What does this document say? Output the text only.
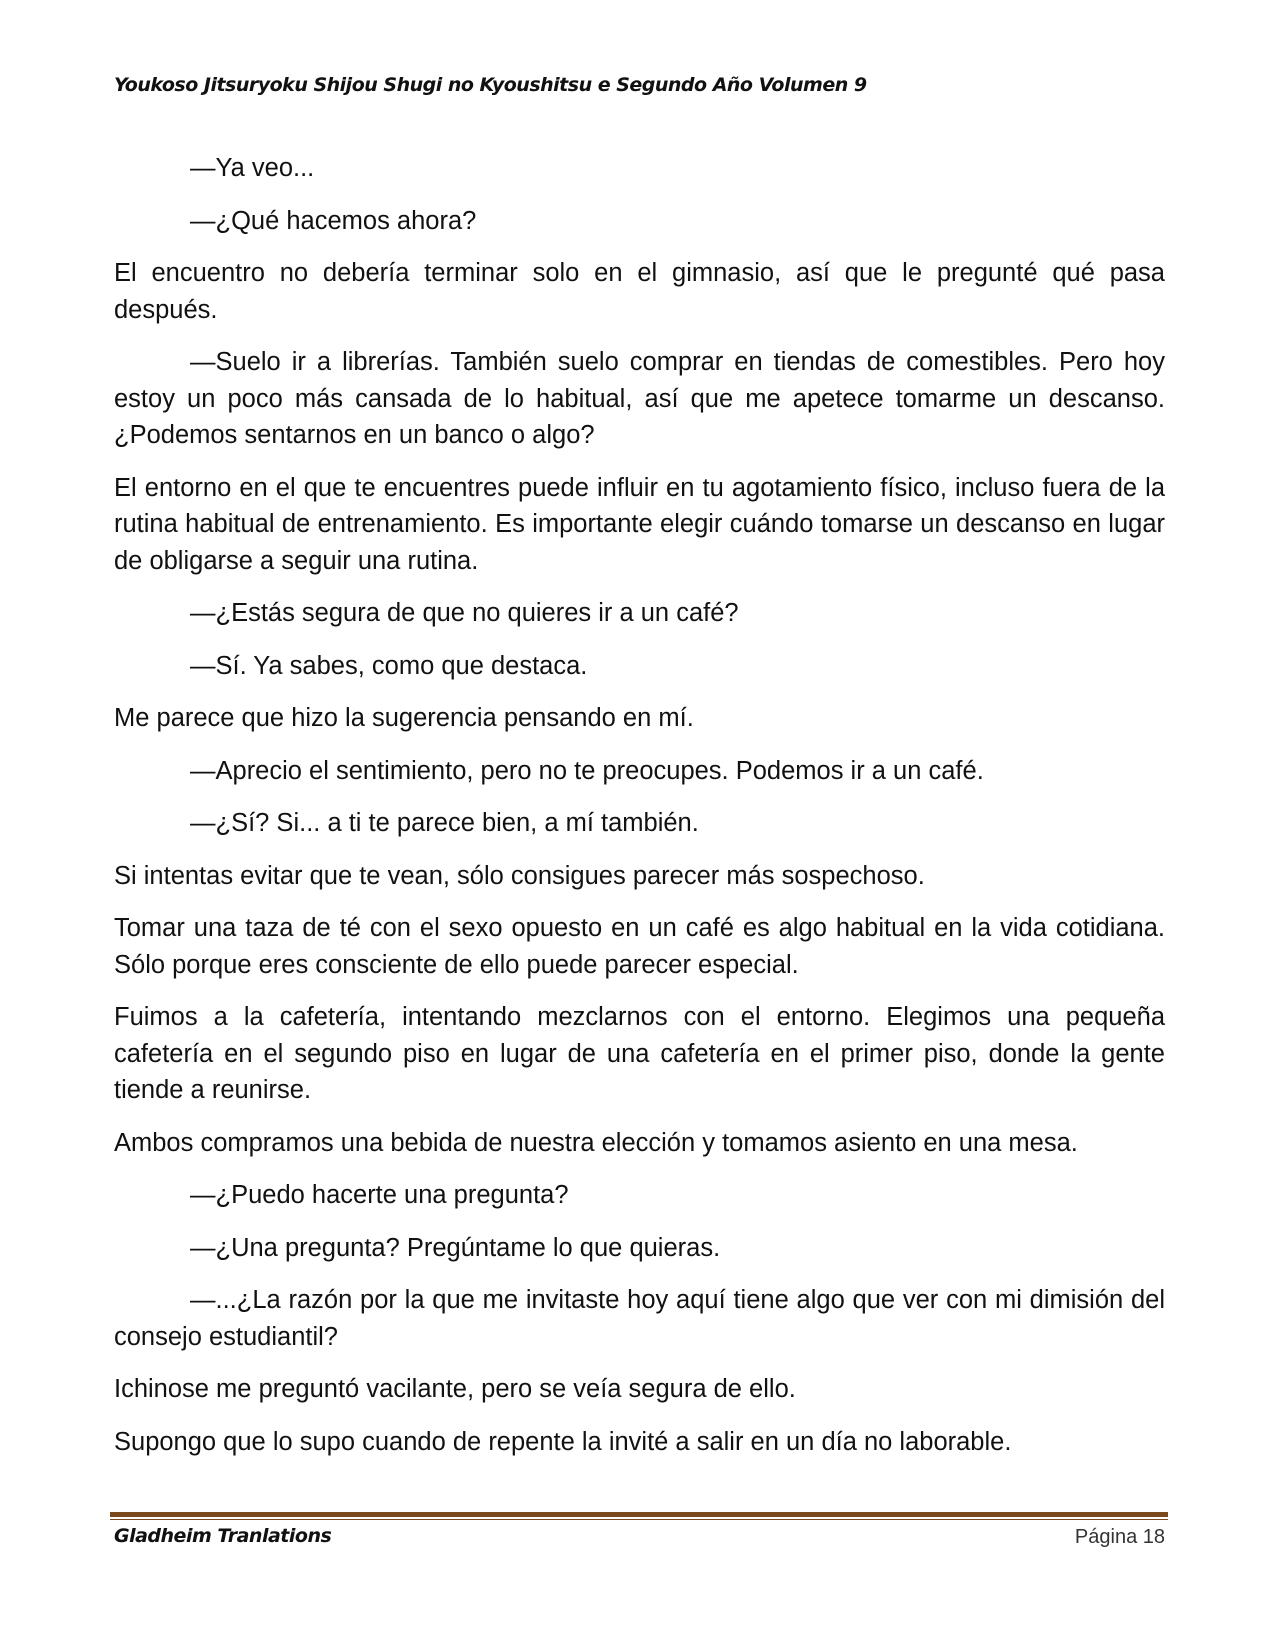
Youkoso Jitsuryoku Shijou Shugi no Kyoushitsu e Segundo Año Volumen 9

—Ya veo...

—¿Qué hacemos ahora?

El encuentro no debería terminar solo en el gimnasio, así que le pregunté qué pasa después.

—Suelo ir a librerías. También suelo comprar en tiendas de comestibles. Pero hoy estoy un poco más cansada de lo habitual, así que me apetece tomarme un descanso. ¿Podemos sentarnos en un banco o algo?

El entorno en el que te encuentres puede influir en tu agotamiento físico, incluso fuera de la rutina habitual de entrenamiento. Es importante elegir cuándo tomarse un descanso en lugar de obligarse a seguir una rutina.

—¿Estás segura de que no quieres ir a un café?

—Sí. Ya sabes, como que destaca.

Me parece que hizo la sugerencia pensando en mí.

—Aprecio el sentimiento, pero no te preocupes. Podemos ir a un café.

—¿Sí? Si... a ti te parece bien, a mí también.

Si intentas evitar que te vean, sólo consigues parecer más sospechoso.

Tomar una taza de té con el sexo opuesto en un café es algo habitual en la vida cotidiana. Sólo porque eres consciente de ello puede parecer especial.

Fuimos a la cafetería, intentando mezclarnos con el entorno. Elegimos una pequeña cafetería en el segundo piso en lugar de una cafetería en el primer piso, donde la gente tiende a reunirse.

Ambos compramos una bebida de nuestra elección y tomamos asiento en una mesa.

—¿Puedo hacerte una pregunta?

—¿Una pregunta? Pregúntame lo que quieras.

—...¿La razón por la que me invitaste hoy aquí tiene algo que ver con mi dimisión del consejo estudiantil?

Ichinose me preguntó vacilante, pero se veía segura de ello.

Supongo que lo supo cuando de repente la invité a salir en un día no laborable.

Gladheim Tranlations	Página 18
